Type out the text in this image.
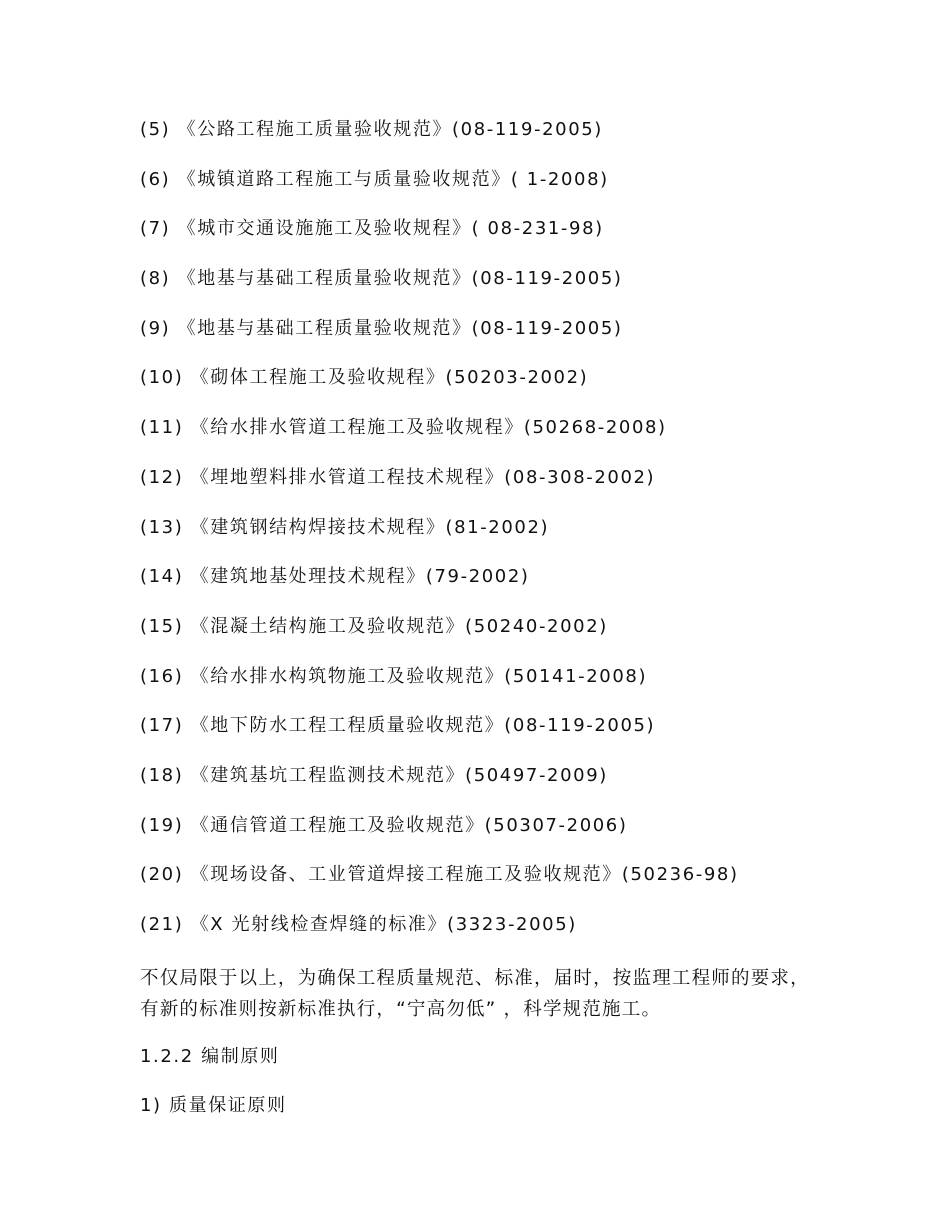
(5) 《公路工程施工质量验收规范》(08-119-2005)
(6) 《城镇道路工程施工与质量验收规范》( 1-2008)
(7) 《城市交通设施施工及验收规程》( 08-231-98)
(8) 《地基与基础工程质量验收规范》(08-119-2005)
(9) 《地基与基础工程质量验收规范》(08-119-2005)
(10) 《砌体工程施工及验收规程》(50203-2002)
(11) 《给水排水管道工程施工及验收规程》(50268-2008)
(12) 《埋地塑料排水管道工程技术规程》(08-308-2002)
(13) 《建筑钢结构焊接技术规程》(81-2002)
(14) 《建筑地基处理技术规程》(79-2002)
(15) 《混凝土结构施工及验收规范》(50240-2002)
(16) 《给水排水构筑物施工及验收规范》(50141-2008)
(17) 《地下防水工程工程质量验收规范》(08-119-2005)
(18) 《建筑基坑工程监测技术规范》(50497-2009)
(19) 《通信管道工程施工及验收规范》(50307-2006)
(20) 《现场设备、工业管道焊接工程施工及验收规范》(50236-98)
(21) 《X 光射线检查焊缝的标准》(3323-2005)
不仅局限于以上，为确保工程质量规范、标准，届时，按监理工程师的要求，有新的标准则按新标准执行，“宁高勿低” ，科学规范施工。
1.2.2 编制原则
1) 质量保证原则
